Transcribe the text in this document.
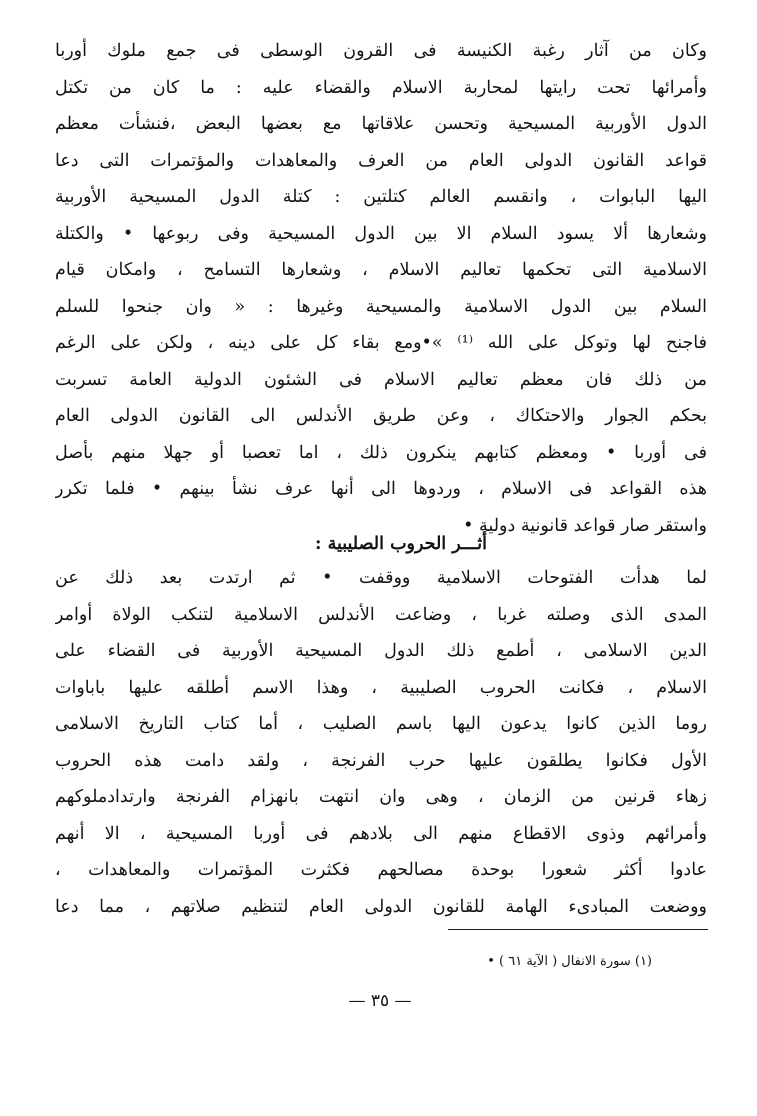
وكان من آثار رغبة الكنيسة فى القرون الوسطى فى جمع ملوك أوربا
وأمرائها تحت رايتها لمحاربة الاسلام والقضاء عليه : ما كان من تكتل
الدول الأوربية المسيحية وتحسن علاقاتها مع بعضها البعض ،فنشأت معظم
قواعد القانون الدولى العام من العرف والمعاهدات والمؤتمرات التى دعا
اليها البابوات ، وانقسم العالم كتلتين : كتلة الدول المسيحية الأوربية
وشعارها ألا يسود السلام الا بين الدول المسيحية وفى ربوعها • والكتلة
الاسلامية التى تحكمها تعاليم الاسلام ، وشعارها التسامح ، وامكان قيام
السلام بين الدول الاسلامية والمسيحية وغيرها : « وان جنحوا للسلم
فاجنح لها وتوكل على الله ⁽¹⁾ »•ومع بقاء كل على دينه ، ولكن على الرغم
من ذلك فان معظم تعاليم الاسلام فى الشئون الدولية العامة تسربت
بحكم الجوار والاحتكاك ، وعن طريق الأندلس الى القانون الدولى العام
فى أوربا • ومعظم كتابهم ينكرون ذلك ، اما تعصبا أو جهلا منهم بأصل
هذه القواعد فى الاسلام ، وردوها الى أنها عرف نشأ بينهم • فلما تكرر
واستقر صار قواعد قانونية دولية •
أثـــر الحروب الصليبية :
لما هدأت الفتوحات الاسلامية ووقفت • ثم ارتدت بعد ذلك عن
المدى الذى وصلته غربا ، وضاعت الأندلس الاسلامية لتنكب الولاة أوامر
الدين الاسلامى ، أطمع ذلك الدول المسيحية الأوربية فى القضاء على
الاسلام ، فكانت الحروب الصليبية ، وهذا الاسم أطلقه عليها باباوات
روما الذين كانوا يدعون اليها باسم الصليب ، أما كتاب التاريخ الاسلامى
الأول فكانوا يطلقون عليها حرب الفرنجة ، ولقد دامت هذه الحروب
زهاء قرنين من الزمان ، وهى وان انتهت بانهزام الفرنجة وارتدادملوكهم
وأمرائهم وذوى الاقطاع منهم الى بلادهم فى أوربا المسيحية ، الا أنهم
عادوا أكثر شعورا بوحدة مصالحهم فكثرت المؤتمرات والمعاهدات ،
ووضعت المبادىء الهامة للقانون الدولى العام لتنظيم صلاتهم ، مما دعا
(١) سورة الانفال ( الآية ٦١ ) •
— ٣٥ —
